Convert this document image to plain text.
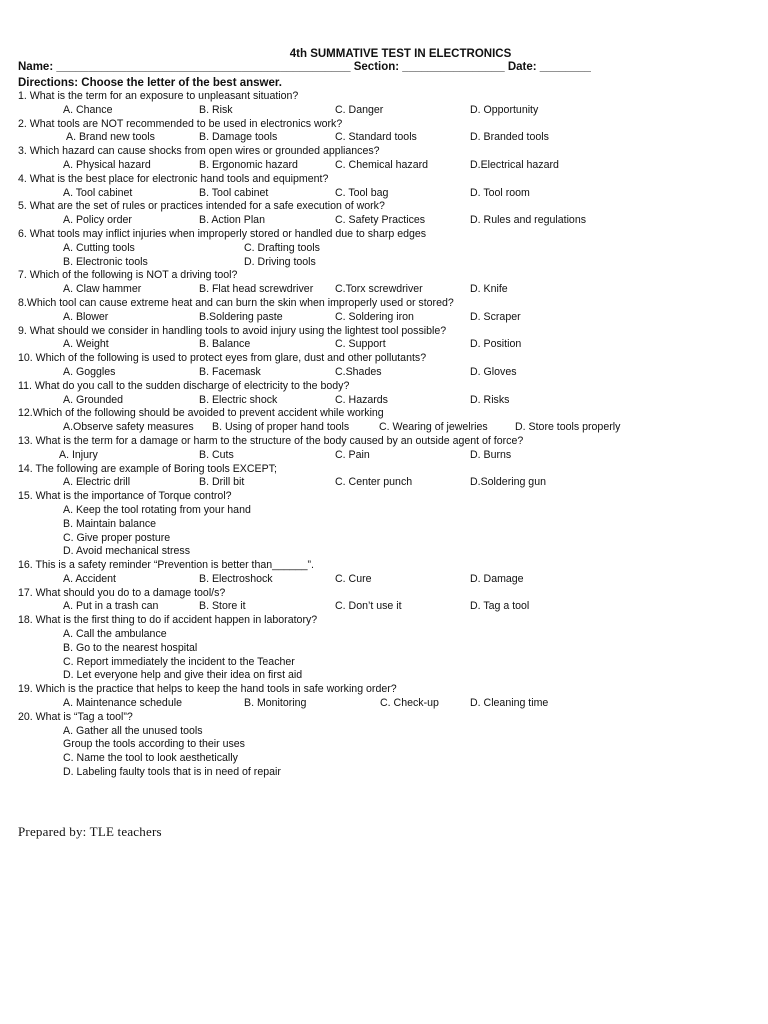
4th SUMMATIVE TEST IN ELECTRONICS
Name: ______________________________________________ Section: ________________ Date: ________
Directions: Choose the letter of the best answer.
1. What is the term for an exposure to unpleasant situation?
A. Chance	B. Risk	C. Danger	D. Opportunity
2. What tools are NOT recommended to be used in electronics work?
A. Brand new tools	B. Damage tools	C. Standard tools	D. Branded tools
3. Which hazard can cause shocks from open wires or grounded appliances?
A. Physical hazard	B. Ergonomic hazard	C. Chemical hazard	D.Electrical hazard
4. What is the best place for electronic hand tools and equipment?
A. Tool cabinet	B. Tool cabinet	C. Tool bag	D. Tool room
5. What are the set of rules or practices intended for a safe execution of work?
A. Policy order	B. Action Plan	C. Safety Practices	D. Rules and regulations
6. What tools may inflict injuries when improperly stored or handled due to sharp edges
A. Cutting tools	C. Drafting tools
B. Electronic tools	D. Driving tools
7. Which of the following is NOT a driving tool?
A. Claw hammer	B. Flat head screwdriver C.Torx screwdriver	D. Knife
8.Which tool can cause extreme heat and can burn the skin when improperly used or stored?
A. Blower	B.Soldering paste	C. Soldering iron	D. Scraper
9. What should we consider in handling tools to avoid injury using the lightest tool possible?
A. Weight	B. Balance	C. Support	D. Position
10. Which of the following is used to protect eyes from glare, dust and other pollutants?
A. Goggles	B. Facemask	C.Shades	D. Gloves
11. What do you call to the sudden discharge of electricity to the body?
A. Grounded	B. Electric shock	C. Hazards	D. Risks
12.Which of the following should be avoided to prevent accident while working
A.Observe safety measures B. Using of proper hand tools	C. Wearing of jewelries	D. Store tools properly
13. What is the term for a damage or harm to the structure of the body caused by an outside agent of force?
A. Injury	B. Cuts	C. Pain	D. Burns
14. The following are example of Boring tools EXCEPT;
A. Electric drill	B. Drill bit	C. Center punch	D.Soldering gun
15. What is the importance of Torque control?
A. Keep the tool rotating from your hand
B. Maintain balance
C. Give proper posture
D. Avoid mechanical stress
16. This is a safety reminder “Prevention is better than______”.
A. Accident	B. Electroshock	C. Cure	D. Damage
17. What should you do to a damage tool/s?
A. Put in a trash can	B. Store it	C. Don’t use it	D. Tag a tool
18. What is the first thing to do if accident happen in laboratory?
A. Call the ambulance
B. Go to the nearest hospital
C. Report immediately the incident to the Teacher
D. Let everyone help and give their idea on first aid
19. Which is the practice that helps to keep the hand tools in safe working order?
A. Maintenance schedule	B. Monitoring	C. Check-up	D. Cleaning time
20. What is “Tag a tool”?
A. Gather all the unused tools
Group the tools according to their uses
C. Name the tool to look aesthetically
D. Labeling faulty tools that is in need of repair
Prepared by: TLE teachers
